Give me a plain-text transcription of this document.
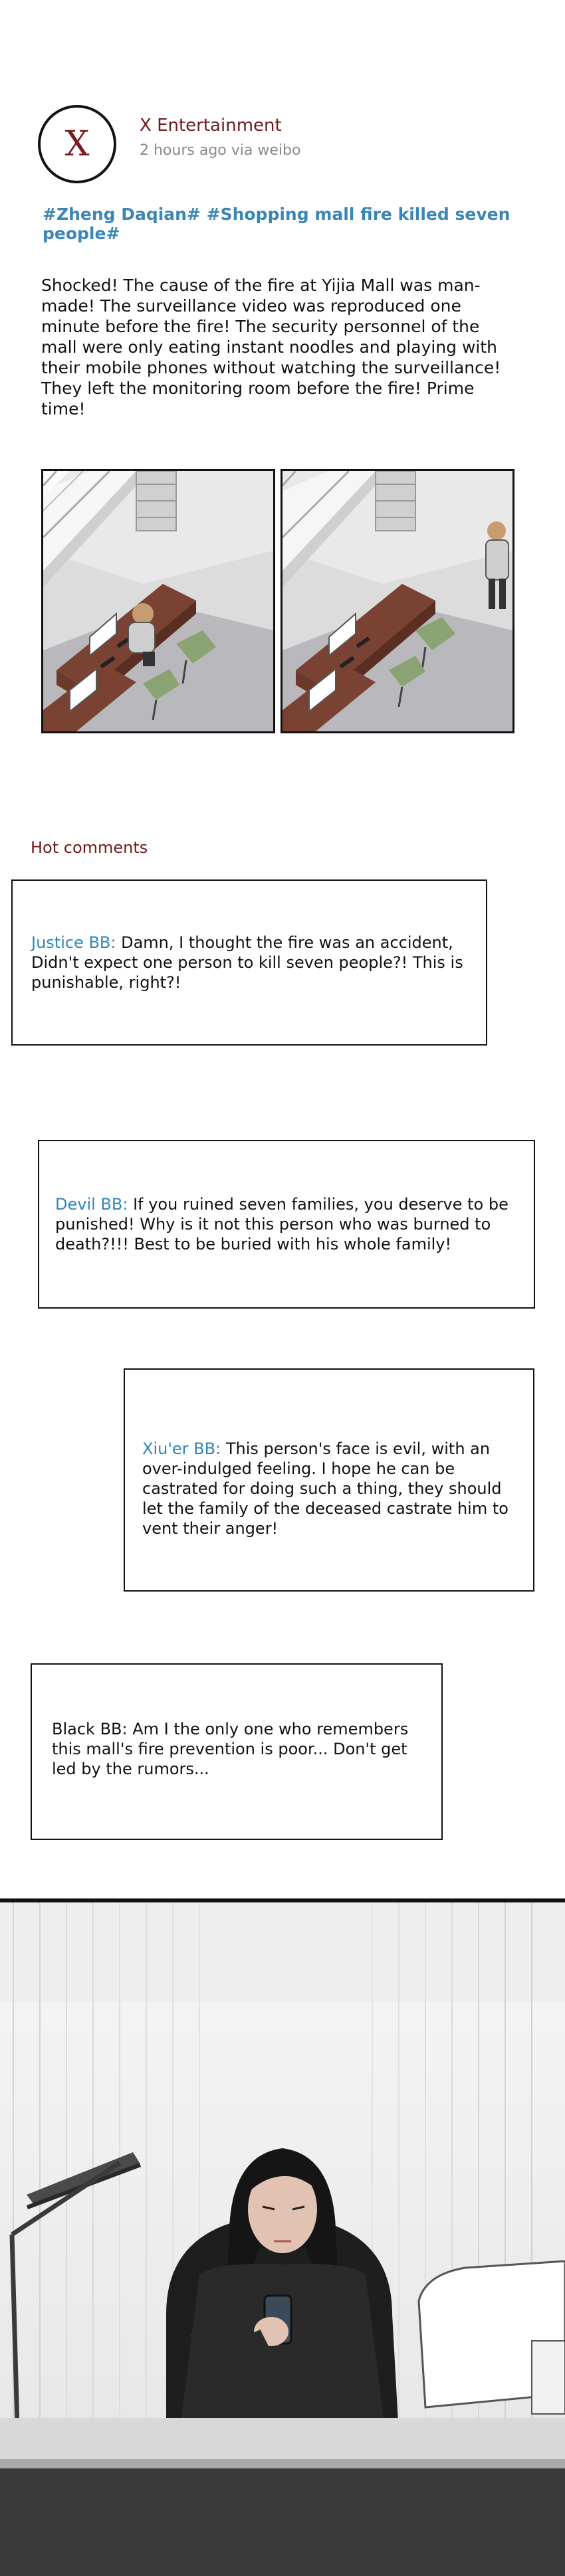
X	X Entertainment
2 hours ago via weibo
#Zheng Daqian# #Shopping mall fire killed seven people#
Shocked! The cause of the fire at Yijia Mall was man-made! The surveillance video was reproduced one minute before the fire! The security personnel of the mall were only eating instant noodles and playing with their mobile phones without watching the surveillance! They left the monitoring room before the fire! Prime time!
Hot comments
Justice BB: Damn, I thought the fire was an accident, Didn't expect one person to kill seven people?! This is punishable, right?!
Devil BB: If you ruined seven families, you deserve to be punished! Why is it not this person who was burned to death?!!! Best to be buried with his whole family!
Xiu'er BB: This person's face is evil, with an over-indulged feeling. I hope he can be castrated for doing such a thing, they should let the family of the deceased castrate him to vent their anger!
Black BB: Am I the only one who remembers this mall's fire prevention is poor... Don't get led by the rumors...
